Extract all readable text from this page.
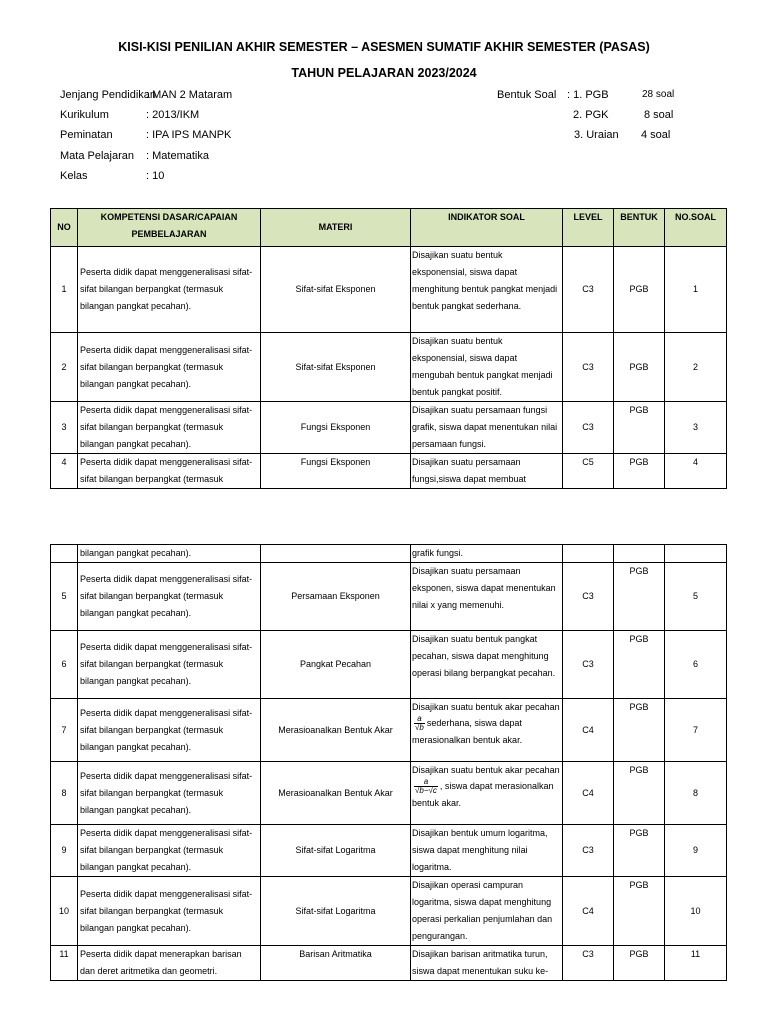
KISI-KISI PENILIAN AKHIR SEMESTER – ASESMEN SUMATIF AKHIR SEMESTER (PASAS)
TAHUN PELAJARAN 2023/2024
Jenjang Pendidikan
: MAN 2 Mataram
Kurikulum	: 2013/IKM
Peminatan	: IPA IPS MANPK
Mata Pelajaran : Matematika
Kelas	: 10
Bentuk Soal : 1. PGB	28 soal
2. PGK	8 soal
3. Uraian 4 soal
NO	KOMPETENSI DASAR/CAPAIAN PEMBELAJARAN	MATERI	INDIKATOR SOAL	LEVEL	BENTUK	NO.SOAL
1	Peserta didik dapat menggeneralisasi sifat-sifat bilangan berpangkat (termasuk bilangan pangkat pecahan).	Sifat-sifat Eksponen	Disajikan suatu bentuk eksponensial, siswa dapat menghitung bentuk pangkat menjadi bentuk pangkat sederhana.	C3	PGB	1
2	Peserta didik dapat menggeneralisasi sifat-sifat bilangan berpangkat (termasuk bilangan pangkat pecahan).	Sifat-sifat Eksponen	Disajikan suatu bentuk eksponensial, siswa dapat mengubah bentuk pangkat menjadi bentuk pangkat positif.	C3	PGB	2
3	Peserta didik dapat menggeneralisasi sifat-sifat bilangan berpangkat (termasuk bilangan pangkat pecahan).	Fungsi Eksponen	Disajikan suatu persamaan fungsi grafik, siswa dapat menentukan nilai persamaan fungsi.	C3	PGB	3
4	Peserta didik dapat menggeneralisasi sifat-sifat bilangan berpangkat (termasuk	Fungsi Eksponen	Disajikan suatu persamaan fungsi,siswa dapat membuat	C5	PGB	4
	bilangan pangkat pecahan).		grafik fungsi.			
5	Peserta didik dapat menggeneralisasi sifat-sifat bilangan berpangkat (termasuk bilangan pangkat pecahan).	Persamaan Eksponen	Disajikan suatu persamaan eksponen, siswa dapat menentukan nilai x yang memenuhi.	C3	PGB	5
6	Peserta didik dapat menggeneralisasi sifat-sifat bilangan berpangkat (termasuk bilangan pangkat pecahan).	Pangkat Pecahan	Disajikan suatu bentuk pangkat pecahan, siswa dapat menghitung operasi bilang berpangkat pecahan.	C3	PGB	6
7	Peserta didik dapat menggeneralisasi sifat-sifat bilangan berpangkat (termasuk bilangan pangkat pecahan).	Merasioanalkan Bentuk Akar	Disajikan suatu bentuk akar pecahan
$\frac{a}{√b}$ sederhana, siswa dapat merasionalkan bentuk akar.	C4	PGB	7
8	Peserta didik dapat menggeneralisasi sifat-sifat bilangan berpangkat (termasuk bilangan pangkat pecahan).	Merasioanalkan Bentuk Akar	Disajikan suatu bentuk akar pecahan
$\frac{a}{√b-√c}$ , siswa dapat merasionalkan bentuk akar.	C4	PGB	8
9	Peserta didik dapat menggeneralisasi sifat-sifat bilangan berpangkat (termasuk bilangan pangkat pecahan).	Sifat-sifat Logaritma	Disajikan bentuk umum logaritma, siswa dapat menghitung nilai logaritma.	C3	PGB	9
10	Peserta didik dapat menggeneralisasi sifat-sifat bilangan berpangkat (termasuk bilangan pangkat pecahan).	Sifat-sifat Logaritma	Disajikan operasi campuran logaritma, siswa dapat menghitung operasi perkalian penjumlahan dan pengurangan.	C4	PGB	10
11	Peserta didik dapat menerapkan barisan dan deret aritmetika dan geometri.	Barisan Aritmatika	Disajikan barisan aritmatika turun, siswa dapat menentukan suku ke-	C3	PGB	11
